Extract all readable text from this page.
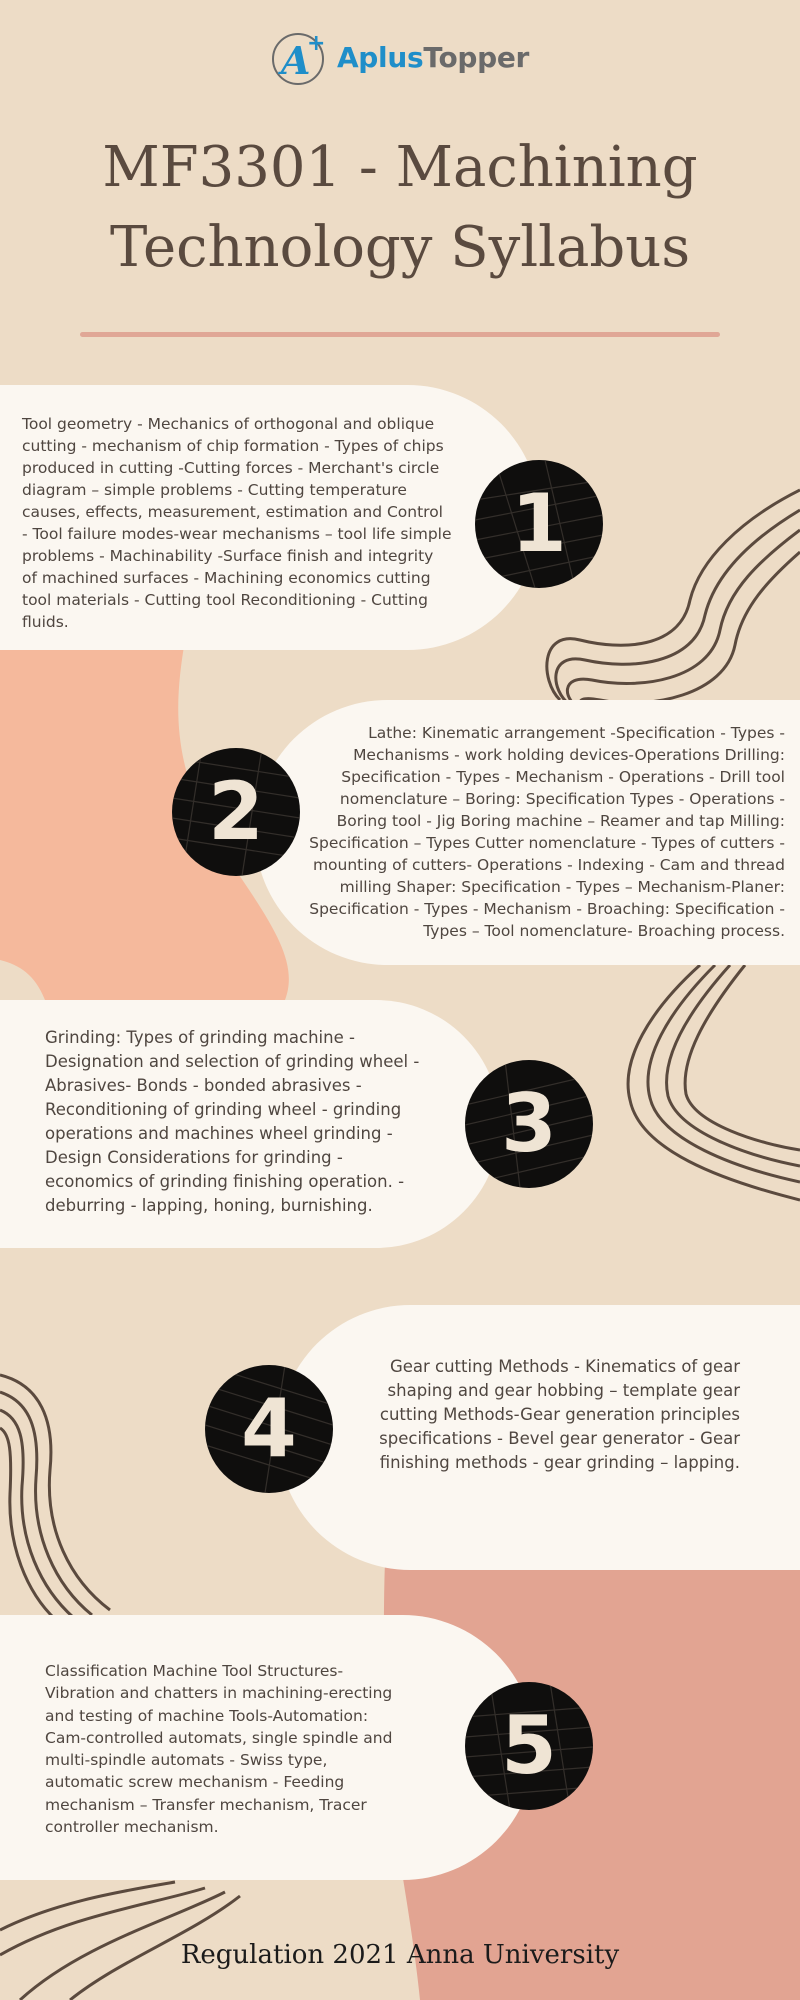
A
+ AplusTopper
MF3301 - Machining Technology Syllabus

Tool geometry - Mechanics of orthogonal and oblique cutting - mechanism of chip formation - Types of chips produced in cutting -Cutting forces - Merchant's circle diagram – simple problems - Cutting temperature causes, effects, measurement, estimation and Control - Tool failure modes-wear mechanisms – tool life simple problems - Machinability -Surface finish and integrity of machined surfaces - Machining economics cutting tool materials - Cutting tool Reconditioning - Cutting fluids.

1

Lathe: Kinematic arrangement -Specification - Types - Mechanisms - work holding devices-Operations Drilling: Specification - Types - Mechanism - Operations - Drill tool nomenclature – Boring: Specification Types - Operations - Boring tool - Jig Boring machine – Reamer and tap Milling: Specification – Types Cutter nomenclature - Types of cutters - mounting of cutters- Operations - Indexing - Cam and thread milling Shaper: Specification - Types – Mechanism-Planer: Specification - Types - Mechanism - Broaching: Specification - Types – Tool nomenclature- Broaching process.

2

Grinding: Types of grinding machine - Designation and selection of grinding wheel - Abrasives- Bonds - bonded abrasives - Reconditioning of grinding wheel - grinding operations and machines wheel grinding - Design Considerations for grinding - economics of grinding finishing operation. - deburring - lapping, honing, burnishing.

3

Gear cutting Methods - Kinematics of gear shaping and gear hobbing – template gear cutting Methods-Gear generation principles specifications - Bevel gear generator - Gear finishing methods - gear grinding – lapping.

4

Classification Machine Tool Structures- Vibration and chatters in machining-erecting and testing of machine Tools-Automation: Cam-controlled automats, single spindle and multi-spindle automats - Swiss type, automatic screw mechanism - Feeding mechanism – Transfer mechanism, Tracer controller mechanism.

5
Regulation 2021 Anna University
